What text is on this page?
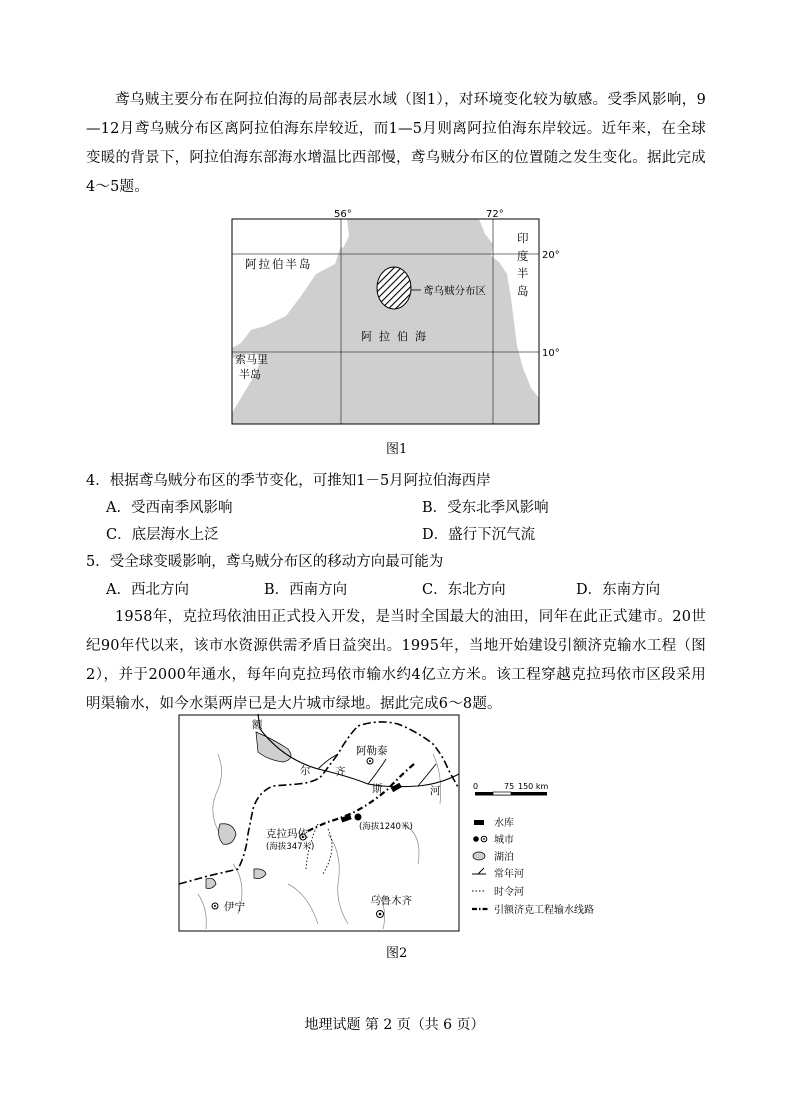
鸢乌贼主要分布在阿拉伯海的局部表层水域（图1），对环境变化较为敏感。受季风影响，9—12月鸢乌贼分布区离阿拉伯海东岸较近，而1—5月则离阿拉伯海东岸较远。近年来，在全球变暖的背景下，阿拉伯海东部海水增温比西部慢，鸢乌贼分布区的位置随之发生变化。据此完成4～5题。

56°	72°
20°
10°
阿拉伯半岛
印
度
半
岛
索马里
半岛
鸢乌贼分布区
阿  拉  伯  海

图1

4．根据鸢乌贼分布区的季节变化，可推知1－5月阿拉伯海西岸

A．受西南季风影响	B．受东北季风影响

C．底层海水上泛	D．盛行下沉气流

5．受全球变暖影响，鸢乌贼分布区的移动方向最可能为

A．西北方向	B．西南方向	C．东北方向	D．东南方向

1958年，克拉玛依油田正式投入开发，是当时全国最大的油田，同年在此正式建市。20世纪90年代以来，该市水资源供需矛盾日益突出。1995年，当地开始建设引额济克输水工程（图2），并于2000年通水，每年向克拉玛依市输水约4亿立方米。该工程穿越克拉玛依市区段采用明渠输水，如今水渠两岸已是大片城市绿地。据此完成6～8题。

额
尔 齐
斯	河
阿勒泰
克拉玛依
(海拔347米)
(海拔1240米)
伊宁	乌鲁木齐
0	75 150 km
水库
城市
湖泊
常年河
时令河
引额济克工程输水线路

图2

地理试题 第 2 页（共 6 页）
